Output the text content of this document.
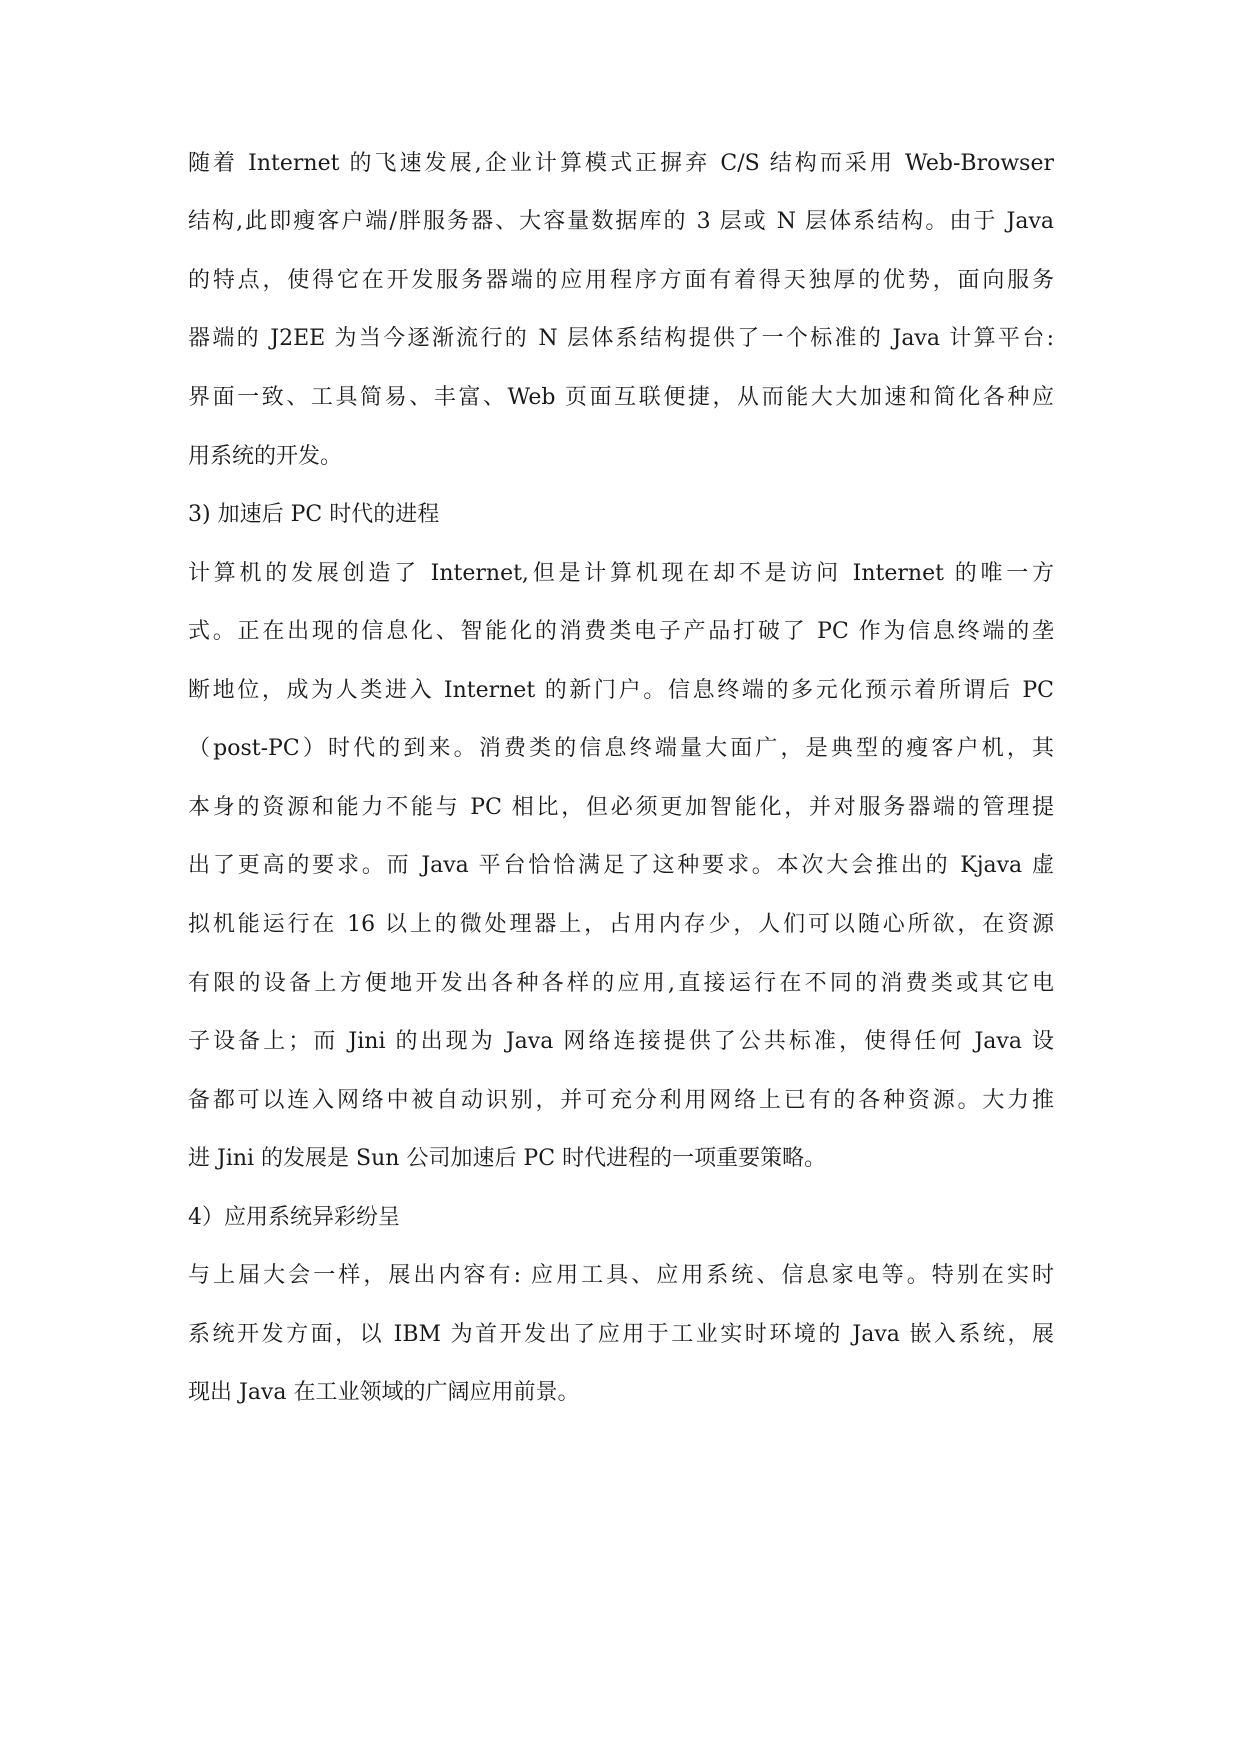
随着 Internet 的飞速发展,企业计算模式正摒弃 C/S 结构而采用 Web-Browser
结构,此即瘦客户端/胖服务器、大容量数据库的 3 层或 N 层体系结构。由于 Java
的特点，使得它在开发服务器端的应用程序方面有着得天独厚的优势，面向服务
器端的 J2EE 为当今逐渐流行的 N 层体系结构提供了一个标准的 Java 计算平台:
界面一致、工具简易、丰富、Web 页面互联便捷，从而能大大加速和简化各种应
用系统的开发。
3) 加速后 PC 时代的进程
计算机的发展创造了 Internet,但是计算机现在却不是访问 Internet 的唯一方
式。正在出现的信息化、智能化的消费类电子产品打破了 PC 作为信息终端的垄
断地位，成为人类进入 Internet 的新门户。信息终端的多元化预示着所谓后 PC
（post-PC）时代的到来。消费类的信息终端量大面广，是典型的瘦客户机，其
本身的资源和能力不能与 PC 相比，但必须更加智能化，并对服务器端的管理提
出了更高的要求。而 Java 平台恰恰满足了这种要求。本次大会推出的 Kjava 虚
拟机能运行在 16 以上的微处理器上，占用内存少，人们可以随心所欲，在资源
有限的设备上方便地开发出各种各样的应用,直接运行在不同的消费类或其它电
子设备上；而 Jini 的出现为 Java 网络连接提供了公共标准，使得任何 Java 设
备都可以连入网络中被自动识别，并可充分利用网络上已有的各种资源。大力推
进 Jini 的发展是 Sun 公司加速后 PC 时代进程的一项重要策略。
4）应用系统异彩纷呈
与上届大会一样，展出内容有: 应用工具、应用系统、信息家电等。特别在实时
系统开发方面，以 IBM 为首开发出了应用于工业实时环境的 Java 嵌入系统，展
现出 Java 在工业领域的广阔应用前景。
